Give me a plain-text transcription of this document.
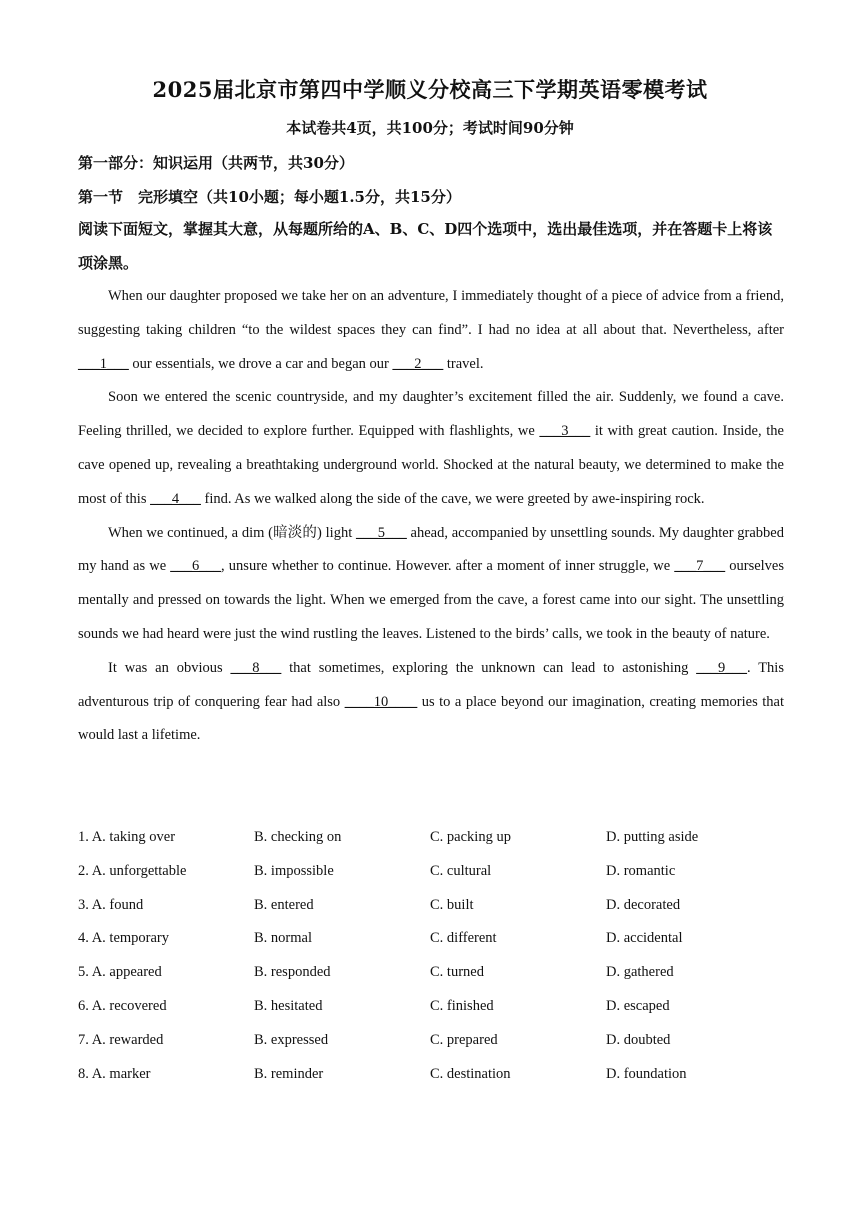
2025届北京市第四中学顺义分校高三下学期英语零模考试
本试卷共4页，共100分；考试时间90分钟
第一部分：知识运用（共两节，共30分）
第一节　完形填空（共10小题；每小题1.5分，共15分）
阅读下面短文，掌握其大意，从每题所给的A、B、C、D四个选项中，选出最佳选项，并在答题卡上将该项涂黑。

When our daughter proposed we take her on an adventure, I immediately thought of a piece of advice from a friend, suggesting taking children “to the wildest spaces they can find”. I had no idea at all about that. Nevertheless, after ___1___ our essentials, we drove a car and began our ___2___ travel.

Soon we entered the scenic countryside, and my daughter’s excitement filled the air. Suddenly, we found a cave. Feeling thrilled, we decided to explore further. Equipped with flashlights, we ___3___ it with great caution. Inside, the cave opened up, revealing a breathtaking underground world. Shocked at the natural beauty, we determined to make the most of this ___4___ find. As we walked along the side of the cave, we were greeted by awe-inspiring rock.

When we continued, a dim (暗淡的) light ___5___ ahead, accompanied by unsettling sounds. My daughter grabbed my hand as we ___6___, unsure whether to continue. However. after a moment of inner struggle, we ___7___ ourselves mentally and pressed on towards the light. When we emerged from the cave, a forest came into our sight. The unsettling sounds we had heard were just the wind rustling the leaves. Listened to the birds’ calls, we took in the beauty of nature.

It was an obvious ___8___ that sometimes, exploring the unknown can lead to astonishing ___9___. This adventurous trip of conquering fear had also ____10____ us to a place beyond our imagination, creating memories that would last a lifetime.

1. A. taking over	B. checking on	C. packing up	D. putting aside
2. A. unforgettable	B. impossible	C. cultural	D. romantic
3. A. found	B. entered	C. built	D. decorated
4. A. temporary	B. normal	C. different	D. accidental
5. A. appeared	B. responded	C. turned	D. gathered
6. A. recovered	B. hesitated	C. finished	D. escaped
7. A. rewarded	B. expressed	C. prepared	D. doubted
8. A. marker	B. reminder	C. destination	D. foundation
